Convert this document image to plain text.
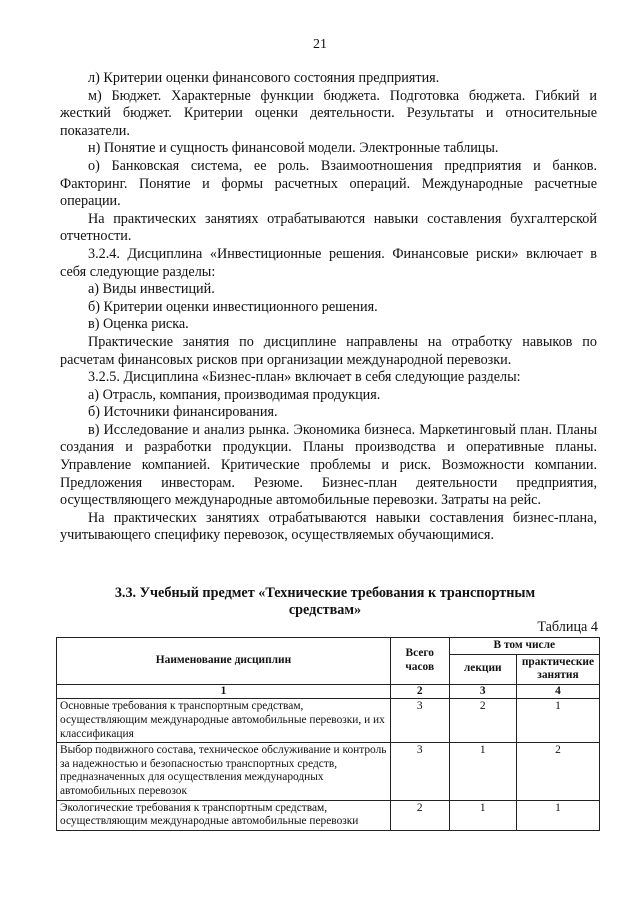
21

л) Критерии оценки финансового состояния предприятия.

м) Бюджет. Характерные функции бюджета. Подготовка бюджета. Гибкий и жесткий бюджет. Критерии оценки деятельности. Результаты и относительные показатели.

н) Понятие и сущность финансовой модели. Электронные таблицы.

о) Банковская система, ее роль. Взаимоотношения предприятия и банков. Факторинг. Понятие и формы расчетных операций. Международные расчетные операции.

На практических занятиях отрабатываются навыки составления бухгалтерской отчетности.

3.2.4. Дисциплина «Инвестиционные решения. Финансовые риски» включает в себя следующие разделы:

а) Виды инвестиций.

б) Критерии оценки инвестиционного решения.

в) Оценка риска.

Практические занятия по дисциплине направлены на отработку навыков по расчетам финансовых рисков при организации международной перевозки.

3.2.5. Дисциплина «Бизнес-план» включает в себя следующие разделы:

а) Отрасль, компания, производимая продукция.

б) Источники финансирования.

в) Исследование и анализ рынка. Экономика бизнеса. Маркетинговый план. Планы создания и разработки продукции. Планы производства и оперативные планы. Управление компанией. Критические проблемы и риск. Возможности компании. Предложения инвесторам. Резюме. Бизнес-план деятельности предприятия, осуществляющего международные автомобильные перевозки. Затраты на рейс.

На практических занятиях отрабатываются навыки составления бизнес-плана, учитывающего специфику перевозок, осуществляемых обучающимися.

3.3. Учебный предмет «Технические требования к транспортным средствам»
Таблица 4
Наименование дисциплин	Всего часов	В том числе	
		лекции	практические занятия
1	2	3	4
Основные требования к транспортным средствам, осуществляющим международные автомобильные перевозки, и их классификация	3	2	1
Выбор подвижного состава, техническое обслуживание и контроль за надежностью и безопасностью транспортных средств, предназначенных для осуществления международных автомобильных перевозок	3	1	2
Экологические требования к транспортным средствам, осуществляющим международные автомобильные перевозки	2	1	1
